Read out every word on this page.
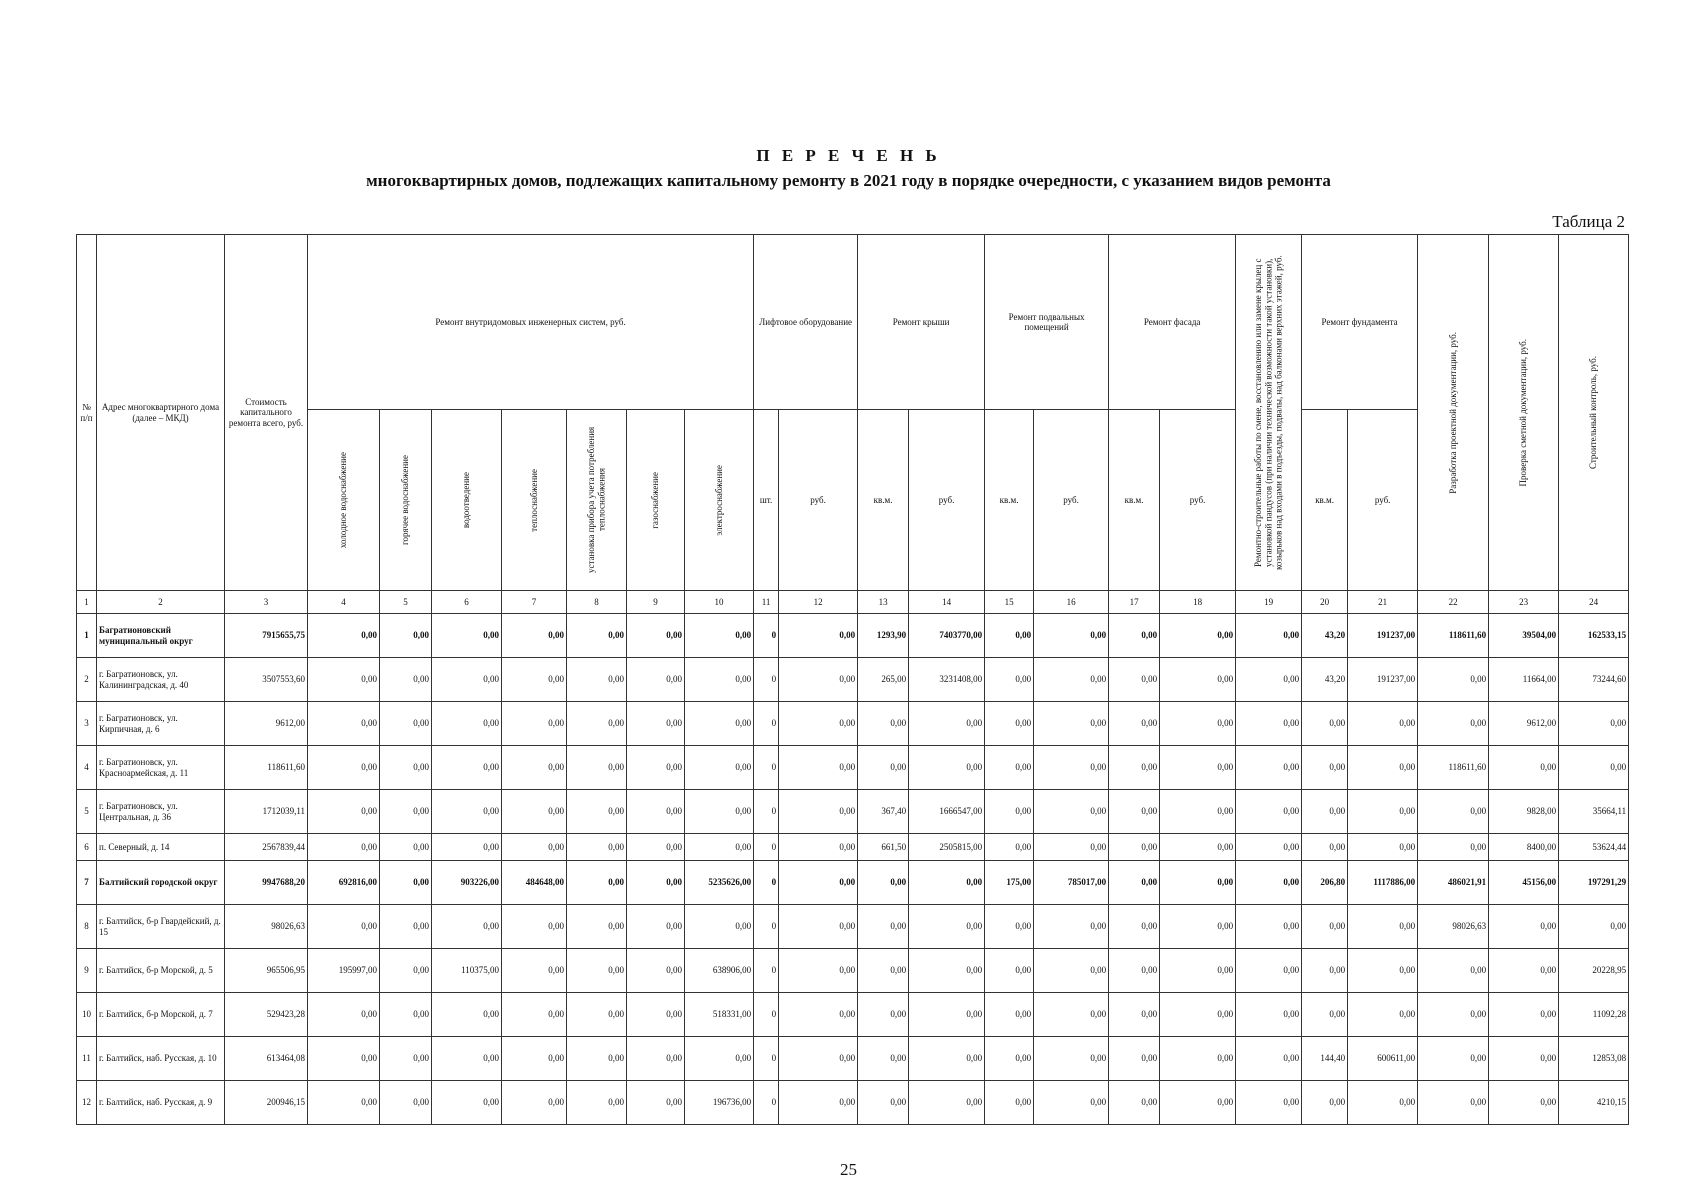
П Е Р Е Ч Е Н Ь
многоквартирных домов, подлежащих капитальному ремонту в 2021 году в порядке очередности, с указанием видов ремонта
Таблица 2
№ п/п	Адрес многоквартирного дома (далее – МКД)	Стоимость капитального ремонта всего, руб.	Ремонт внутридомовых инженерных систем, руб.							Лифтовое оборудование		Ремонт крыши		Ремонт подвальных помещений		Ремонт фасада		Ремонтно-строительные работы по смене, восстановлению или замене крылец с установкой пандусов (при наличии технической возможности такой установки), козырьков над входами в подъезды, подвалы, над балконами верхних этажей, руб.	Ремонт фундамента		Разработка проектной документации, руб.	Проверка сметной документации, руб.	Строительный контроль, руб.

			холодное водоснабжение	горячее водоснабжение	водоотведение	теплоснабжение	установка прибора учета потребления теплоснабжения	газоснабжение	электроснабжение	шт.	руб.	кв.м.	руб.	кв.м.	руб.	кв.м.	руб.		кв.м.	руб.			
1	2	3	4	5	6	7	8	9	10	11	12	13	14	15	16	17	18	19	20	21	22	23	24
1	Багратионовский муниципальный округ	7915655,75	0,00	0,00	0,00	0,00	0,00	0,00	0,00	0	0,00	1293,90	7403770,00	0,00	0,00	0,00	0,00	0,00	43,20	191237,00	118611,60	39504,00	162533,15
2	г. Багратионовск, ул. Калининградская, д. 40	3507553,60	0,00	0,00	0,00	0,00	0,00	0,00	0,00	0	0,00	265,00	3231408,00	0,00	0,00	0,00	0,00	0,00	43,20	191237,00	0,00	11664,00	73244,60
3	г. Багратионовск, ул. Кирпичная, д. 6	9612,00	0,00	0,00	0,00	0,00	0,00	0,00	0,00	0	0,00	0,00	0,00	0,00	0,00	0,00	0,00	0,00	0,00	0,00	0,00	9612,00	0,00
4	г. Багратионовск, ул. Красноармейская, д. 11	118611,60	0,00	0,00	0,00	0,00	0,00	0,00	0,00	0	0,00	0,00	0,00	0,00	0,00	0,00	0,00	0,00	0,00	0,00	118611,60	0,00	0,00
5	г. Багратионовск, ул. Центральная, д. 36	1712039,11	0,00	0,00	0,00	0,00	0,00	0,00	0,00	0	0,00	367,40	1666547,00	0,00	0,00	0,00	0,00	0,00	0,00	0,00	0,00	9828,00	35664,11
6	п. Северный, д. 14	2567839,44	0,00	0,00	0,00	0,00	0,00	0,00	0,00	0	0,00	661,50	2505815,00	0,00	0,00	0,00	0,00	0,00	0,00	0,00	0,00	8400,00	53624,44
7	Балтийский городской округ	9947688,20	692816,00	0,00	903226,00	484648,00	0,00	0,00	5235626,00	0	0,00	0,00	0,00	175,00	785017,00	0,00	0,00	0,00	206,80	1117886,00	486021,91	45156,00	197291,29
8	г. Балтийск, б-р Гвардейский, д. 15	98026,63	0,00	0,00	0,00	0,00	0,00	0,00	0,00	0	0,00	0,00	0,00	0,00	0,00	0,00	0,00	0,00	0,00	0,00	98026,63	0,00	0,00
9	г. Балтийск, б-р Морской, д. 5	965506,95	195997,00	0,00	110375,00	0,00	0,00	0,00	638906,00	0	0,00	0,00	0,00	0,00	0,00	0,00	0,00	0,00	0,00	0,00	0,00	0,00	20228,95
10	г. Балтийск, б-р Морской, д. 7	529423,28	0,00	0,00	0,00	0,00	0,00	0,00	518331,00	0	0,00	0,00	0,00	0,00	0,00	0,00	0,00	0,00	0,00	0,00	0,00	0,00	11092,28
11	г. Балтийск, наб. Русская, д. 10	613464,08	0,00	0,00	0,00	0,00	0,00	0,00	0,00	0	0,00	0,00	0,00	0,00	0,00	0,00	0,00	0,00	144,40	600611,00	0,00	0,00	12853,08
12	г. Балтийск, наб. Русская, д. 9	200946,15	0,00	0,00	0,00	0,00	0,00	0,00	196736,00	0	0,00	0,00	0,00	0,00	0,00	0,00	0,00	0,00	0,00	0,00	0,00	0,00	4210,15
25
